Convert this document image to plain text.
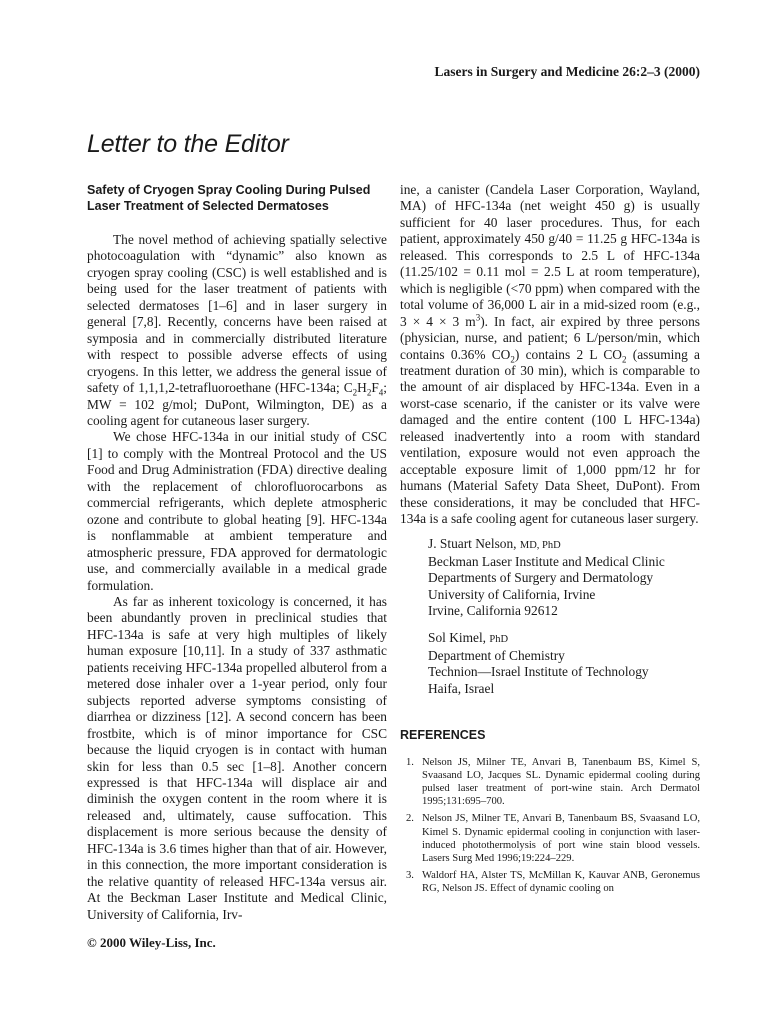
Lasers in Surgery and Medicine 26:2–3 (2000)
Letter to the Editor
Safety of Cryogen Spray Cooling During Pulsed Laser Treatment of Selected Dermatoses

The novel method of achieving spatially selective photocoagulation with “dynamic” also known as cryogen spray cooling (CSC) is well established and is being used for the laser treatment of patients with selected dermatoses [1–6] and in laser surgery in general [7,8]. Recently, concerns have been raised at symposia and in commercially distributed literature with respect to possible adverse effects of using cryogens. In this letter, we address the general issue of safety of 1,1,1,2-tetrafluoroethane (HFC-134a; $C_2H_2F_4$; MW = 102 g/mol; DuPont, Wilmington, DE) as a cooling agent for cutaneous laser surgery.

We chose HFC-134a in our initial study of CSC [1] to comply with the Montreal Protocol and the US Food and Drug Administration (FDA) directive dealing with the replacement of chlorofluorocarbons as commercial refrigerants, which deplete atmospheric ozone and contribute to global heating [9]. HFC-134a is nonflammable at ambient temperature and atmospheric pressure, FDA approved for dermatologic use, and commercially available in a medical grade formulation.

As far as inherent toxicology is concerned, it has been abundantly proven in preclinical studies that HFC-134a is safe at very high multiples of likely human exposure [10,11]. In a study of 337 asthmatic patients receiving HFC-134a propelled albuterol from a metered dose inhaler over a 1-year period, only four subjects reported adverse symptoms consisting of diarrhea or dizziness [12]. A second concern has been frostbite, which is of minor importance for CSC because the liquid cryogen is in contact with human skin for less than 0.5 sec [1–8]. Another concern expressed is that HFC-134a will displace air and diminish the oxygen content in the room where it is released and, ultimately, cause suffocation. This displacement is more serious because the density of HFC-134a is 3.6 times higher than that of air. However, in this connection, the more important consideration is the relative quantity of released HFC-134a versus air. At the Beckman Laser Institute and Medical Clinic, University of California, Irv-

ine, a canister (Candela Laser Corporation, Wayland, MA) of HFC-134a (net weight 450 g) is usually sufficient for 40 laser procedures. Thus, for each patient, approximately 450 g/40 = 11.25 g HFC-134a is released. This corresponds to 2.5 L of HFC-134a (11.25/102 = 0.11 mol = 2.5 L at room temperature), which is negligible (<70 ppm) when compared with the total volume of 36,000 L air in a mid-sized room (e.g., 3 × 4 × 3 $m^3$). In fact, air expired by three persons (physician, nurse, and patient; 6 L/person/min, which contains 0.36% $CO_2$) contains 2 L $CO_2$ (assuming a treatment duration of 30 min), which is comparable to the amount of air displaced by HFC-134a. Even in a worst-case scenario, if the canister or its valve were damaged and the entire content (100 L HFC-134a) released inadvertently into a room with standard ventilation, exposure would not even approach the acceptable exposure limit of 1,000 ppm/12 hr for humans (Material Safety Data Sheet, DuPont). From these considerations, it may be concluded that HFC-134a is a safe cooling agent for cutaneous laser surgery.

J. Stuart Nelson, MD, PhD
Beckman Laser Institute and Medical Clinic
Departments of Surgery and Dermatology
University of California, Irvine
Irvine, California 92612
Sol Kimel, PhD
Department of Chemistry
Technion—Israel Institute of Technology
Haifa, Israel
REFERENCES
1. Nelson JS, Milner TE, Anvari B, Tanenbaum BS, Kimel S, Svaasand LO, Jacques SL. Dynamic epidermal cooling during pulsed laser treatment of port-wine stain. Arch Dermatol 1995;131:695–700.
2. Nelson JS, Milner TE, Anvari B, Tanenbaum BS, Svaasand LO, Kimel S. Dynamic epidermal cooling in conjunction with laser-induced photothermolysis of port wine stain blood vessels. Lasers Surg Med 1996;19:224–229.
3. Waldorf HA, Alster TS, McMillan K, Kauvar ANB, Geronemus RG, Nelson JS. Effect of dynamic cooling on
© 2000 Wiley-Liss, Inc.
